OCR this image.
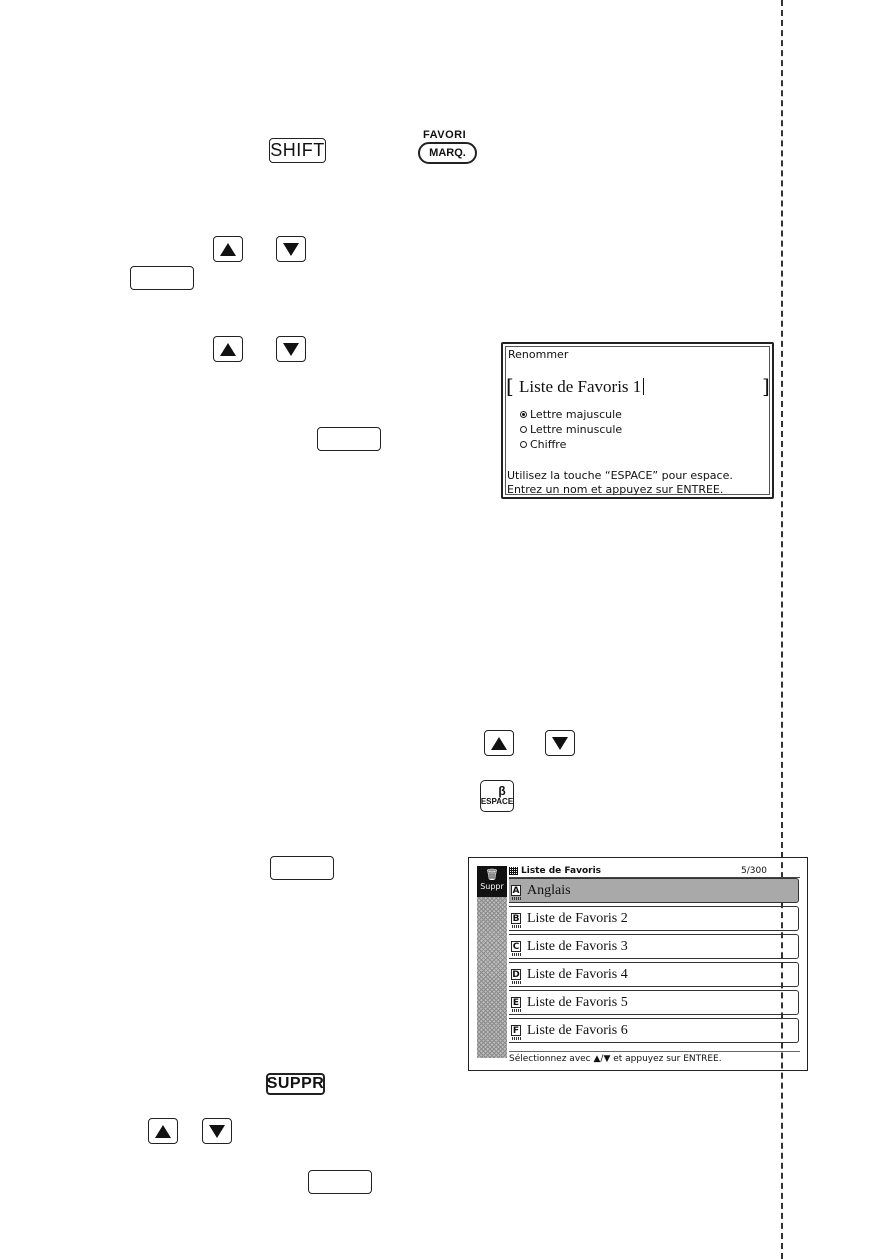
SHIFT
FAVORI
MARQ.
Renommer
[ Liste de Favoris 1	]
Lettre majuscule
Lettre minuscule
Chiffre
Utilisez la touche “ESPACE” pour espace.
Entrez un nom et appuyez sur ENTREE.
β
ESPACE
🗑
Suppr
Liste de Favoris	5/300
A Anglais
B Liste de Favoris 2
C Liste de Favoris 3
D Liste de Favoris 4
E Liste de Favoris 5
F Liste de Favoris 6
Sélectionnez avec ▲/▼ et appuyez sur ENTREE.
SUPPR
